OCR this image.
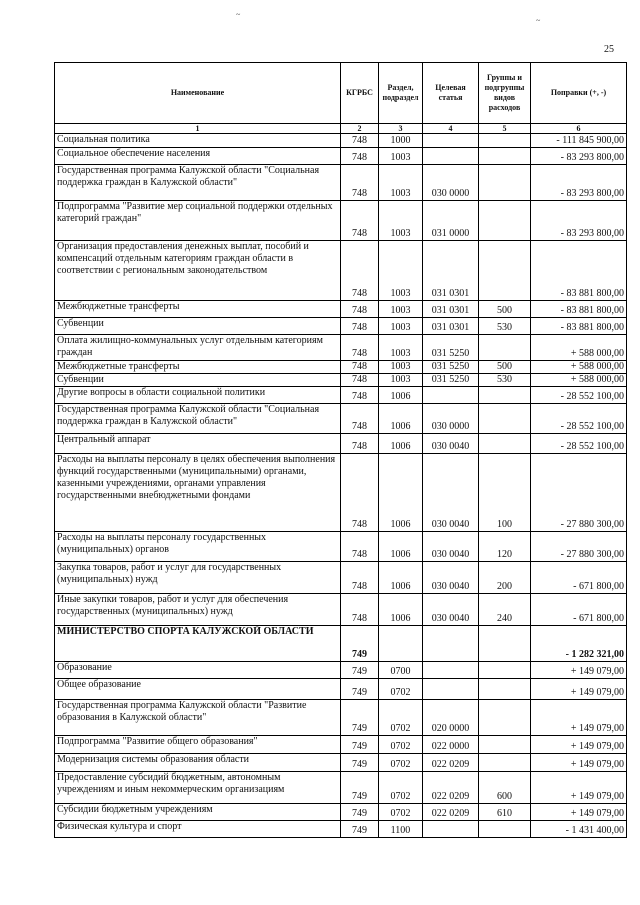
~
~
25
Наименование	КГРБС	Раздел, подраздел	Целевая статья	Группы и подгруппы видов расходов	Поправки (+, -)
1	2	3	4	5	6
Социальная политика	748	1000			- 111 845 900,00
Социальное обеспечение населения	748	1003			- 83 293 800,00
Государственная программа Калужской области "Социальная поддержка граждан в Калужской области"	748	1003	030 0000		- 83 293 800,00
Подпрограмма "Развитие мер социальной поддержки отдельных категорий граждан"	748	1003	031 0000		- 83 293 800,00
Организация предоставления денежных выплат, пособий и компенсаций отдельным категориям граждан области в соответствии с региональным законодательством	748	1003	031 0301		- 83 881 800,00
Межбюджетные трансферты	748	1003	031 0301	500	- 83 881 800,00
Субвенции	748	1003	031 0301	530	- 83 881 800,00
Оплата жилищно-коммунальных услуг отдельным категориям граждан	748	1003	031 5250		+ 588 000,00
Межбюджетные трансферты	748	1003	031 5250	500	+ 588 000,00
Субвенции	748	1003	031 5250	530	+ 588 000,00
Другие вопросы в области социальной политики	748	1006			- 28 552 100,00
Государственная программа Калужской области "Социальная поддержка граждан в Калужской области"	748	1006	030 0000		- 28 552 100,00
Центральный аппарат	748	1006	030 0040		- 28 552 100,00
Расходы на выплаты персоналу в целях обеспечения выполнения функций государственными (муниципальными) органами, казенными учреждениями, органами управления государственными внебюджетными фондами	748	1006	030 0040	100	- 27 880 300,00
Расходы на выплаты персоналу государственных (муниципальных) органов	748	1006	030 0040	120	- 27 880 300,00
Закупка товаров, работ и услуг для государственных (муниципальных) нужд	748	1006	030 0040	200	- 671 800,00
Иные закупки товаров, работ и услуг для обеспечения государственных (муниципальных) нужд	748	1006	030 0040	240	- 671 800,00
МИНИСТЕРСТВО СПОРТА КАЛУЖСКОЙ ОБЛАСТИ	749				- 1 282 321,00
Образование	749	0700			+ 149 079,00
Общее образование	749	0702			+ 149 079,00
Государственная программа Калужской области "Развитие образования в Калужской области"	749	0702	020 0000		+ 149 079,00
Подпрограмма "Развитие общего образования"	749	0702	022 0000		+ 149 079,00
Модернизация системы образования области	749	0702	022 0209		+ 149 079,00
Предоставление субсидий бюджетным, автономным учреждениям и иным некоммерческим организациям	749	0702	022 0209	600	+ 149 079,00
Субсидии бюджетным учреждениям	749	0702	022 0209	610	+ 149 079,00
Физическая культура и спорт	749	1100			- 1 431 400,00
